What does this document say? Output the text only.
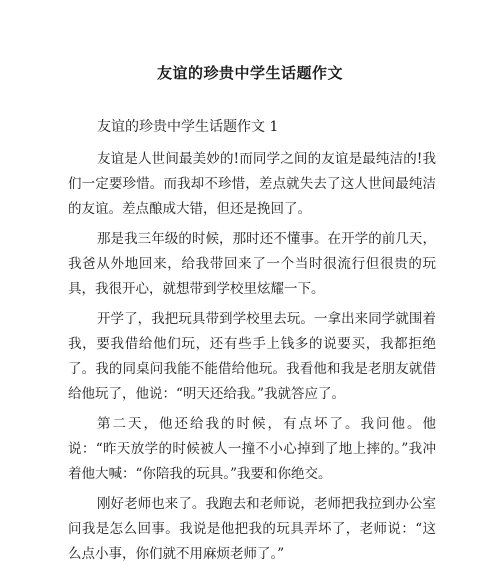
友谊的珍贵中学生话题作文
友谊的珍贵中学生话题作文 1

友谊是人世间最美妙的!而同学之间的友谊是最纯洁的!我们一定要珍惜。而我却不珍惜，差点就失去了这人世间最纯洁的友谊。差点酿成大错，但还是挽回了。

那是我三年级的时候，那时还不懂事。在开学的前几天，我爸从外地回来，给我带回来了一个当时很流行但很贵的玩具，我很开心，就想带到学校里炫耀一下。

开学了，我把玩具带到学校里去玩。一拿出来同学就围着我，要我借给他们玩，还有些手上钱多的说要买，我都拒绝了。我的同桌问我能不能借给他玩。我看他和我是老朋友就借给他玩了，他说：“明天还给我。”我就答应了。

第二天，他还给我的时候，有点坏了。我问他。他说：“昨天放学的时候被人一撞不小心掉到了地上摔的。”我冲着他大喊：“你陪我的玩具。”我要和你绝交。

刚好老师也来了。我跑去和老师说，老师把我拉到办公室问我是怎么回事。我说是他把我的玩具弄坏了，老师说：“这么点小事，你们就不用麻烦老师了。”
